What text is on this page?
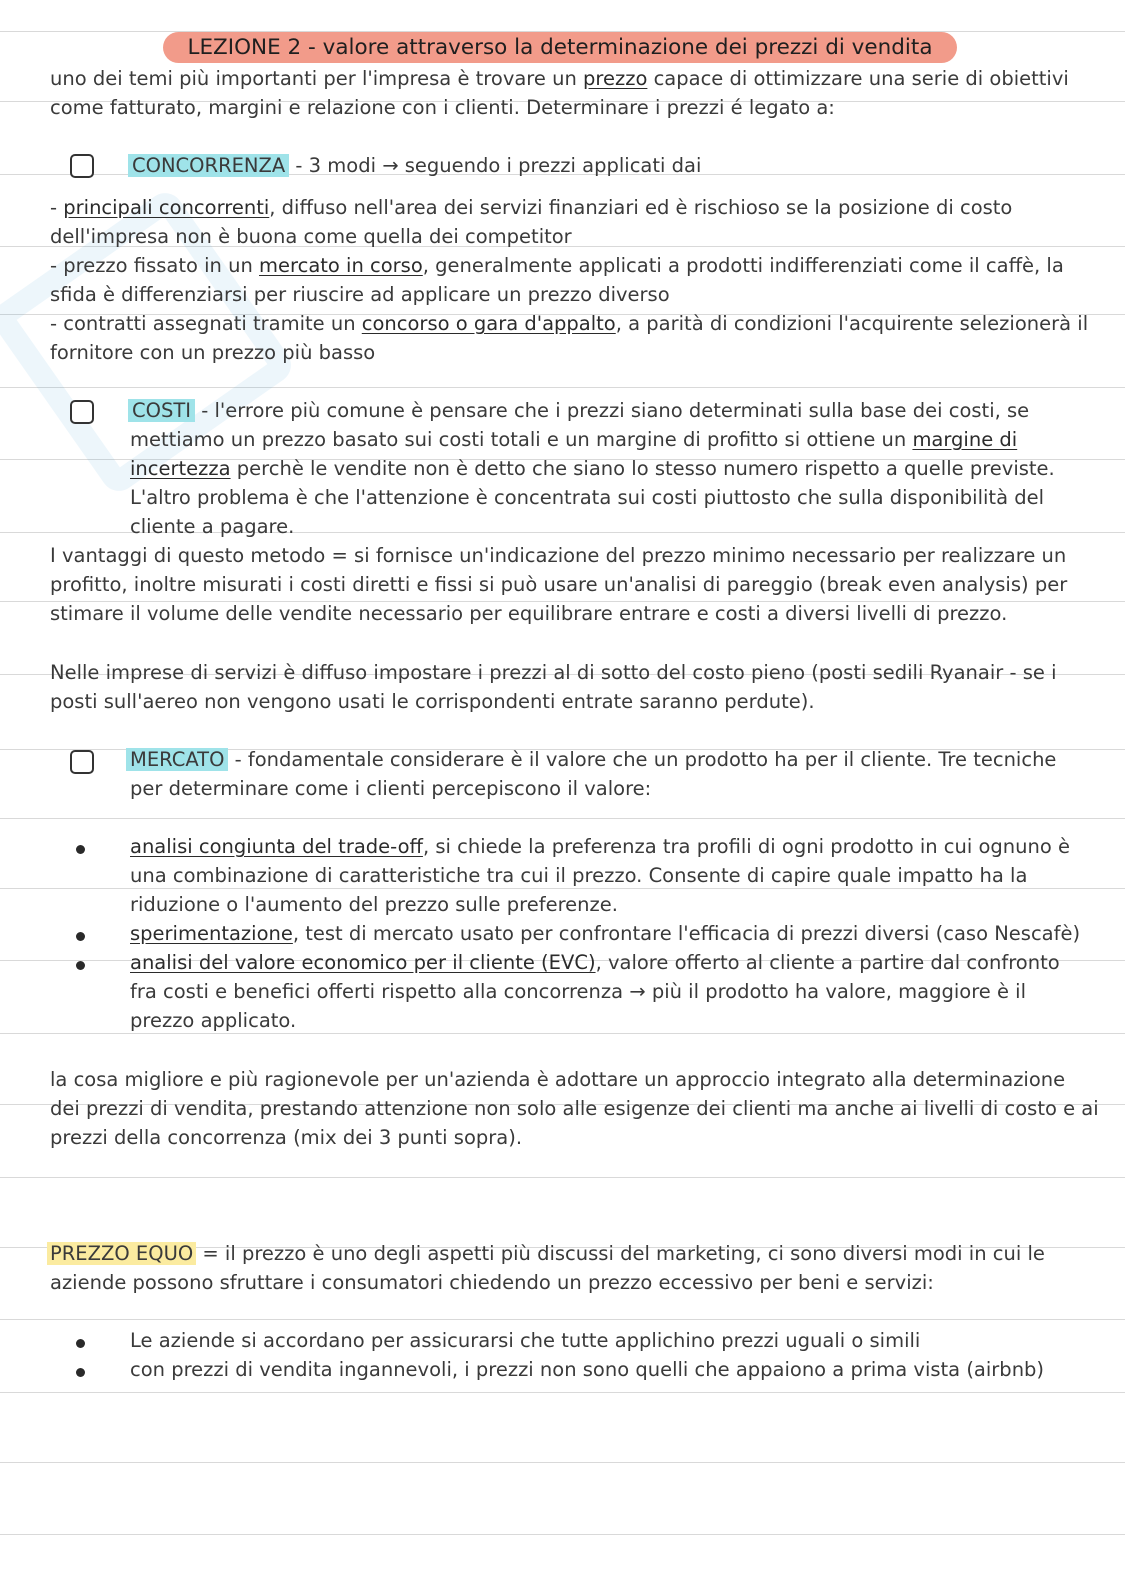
LEZIONE 2 - valore attraverso la determinazione dei prezzi di vendita

uno dei temi più importanti per l'impresa è trovare un prezzo capace di ottimizzare una serie di obiettivi

come fatturato, margini e relazione con i clienti. Determinare i prezzi é legato a:

CONCORRENZA - 3 modi → seguendo i prezzi applicati dai

- principali concorrenti, diffuso nell'area dei servizi finanziari ed è rischioso se la posizione di costo

dell'impresa non è buona come quella dei competitor

- prezzo fissato in un mercato in corso, generalmente applicati a prodotti indifferenziati come il caffè, la

sfida è differenziarsi per riuscire ad applicare un prezzo diverso

- contratti assegnati tramite un concorso o gara d'appalto, a parità di condizioni l'acquirente selezionerà il

fornitore con un prezzo più basso

COSTI - l'errore più comune è pensare che i prezzi siano determinati sulla base dei costi, se

mettiamo un prezzo basato sui costi totali e un margine di profitto si ottiene un margine di

incertezza perchè le vendite non è detto che siano lo stesso numero rispetto a quelle previste.

L'altro problema è che l'attenzione è concentrata sui costi piuttosto che sulla disponibilità del

cliente a pagare.

I vantaggi di questo metodo = si fornisce un'indicazione del prezzo minimo necessario per realizzare un

profitto, inoltre misurati i costi diretti e fissi si può usare un'analisi di pareggio (break even analysis) per

stimare il volume delle vendite necessario per equilibrare entrare e costi a diversi livelli di prezzo.

Nelle imprese di servizi è diffuso impostare i prezzi al di sotto del costo pieno (posti sedili Ryanair - se i

posti sull'aereo non vengono usati le corrispondenti entrate saranno perdute).

MERCATO - fondamentale considerare è il valore che un prodotto ha per il cliente. Tre tecniche

per determinare come i clienti percepiscono il valore:

analisi congiunta del trade-off, si chiede la preferenza tra profili di ogni prodotto in cui ognuno è

una combinazione di caratteristiche tra cui il prezzo. Consente di capire quale impatto ha la

riduzione o l'aumento del prezzo sulle preferenze.

sperimentazione, test di mercato usato per confrontare l'efficacia di prezzi diversi (caso Nescafè)

analisi del valore economico per il cliente (EVC), valore offerto al cliente a partire dal confronto

fra costi e benefici offerti rispetto alla concorrenza → più il prodotto ha valore, maggiore è il

prezzo applicato.

la cosa migliore e più ragionevole per un'azienda è adottare un approccio integrato alla determinazione

dei prezzi di vendita, prestando attenzione non solo alle esigenze dei clienti ma anche ai livelli di costo e ai

prezzi della concorrenza (mix dei 3 punti sopra).

PREZZO EQUO = il prezzo è uno degli aspetti più discussi del marketing, ci sono diversi modi in cui le

aziende possono sfruttare i consumatori chiedendo un prezzo eccessivo per beni e servizi:

Le aziende si accordano per assicurarsi che tutte applichino prezzi uguali o simili

con prezzi di vendita ingannevoli, i prezzi non sono quelli che appaiono a prima vista (airbnb)
